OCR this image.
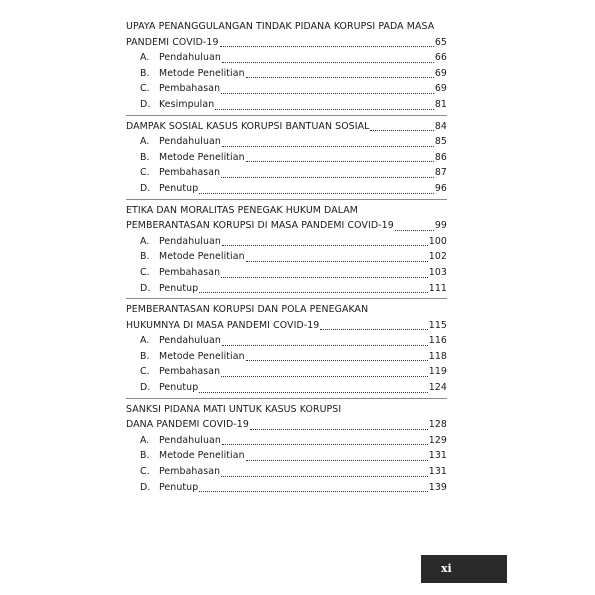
UPAYA PENANGGULANGAN TINDAK PIDANA KORUPSI PADA MASA
PANDEMI COVID-19	65
A. Pendahuluan	66
B. Metode Penelitian	69
C. Pembahasan	69
D. Kesimpulan	81
DAMPAK SOSIAL KASUS KORUPSI BANTUAN SOSIAL	84
A. Pendahuluan	85
B. Metode Penelitian	86
C. Pembahasan	87
D. Penutup	96
ETIKA DAN MORALITAS PENEGAK HUKUM DALAM
PEMBERANTASAN KORUPSI DI MASA PANDEMI COVID-19	99
A. Pendahuluan	100
B. Metode Penelitian	102
C. Pembahasan	103
D. Penutup	111
PEMBERANTASAN KORUPSI DAN POLA PENEGAKAN
HUKUMNYA DI MASA PANDEMI COVID-19	115
A. Pendahuluan	116
B. Metode Penelitian	118
C. Pembahasan	119
D. Penutup	124
SANKSI PIDANA MATI UNTUK KASUS KORUPSI
DANA PANDEMI COVID-19	128
A. Pendahuluan	129
B. Metode Penelitian	131
C. Pembahasan	131
D. Penutup	139
xi
